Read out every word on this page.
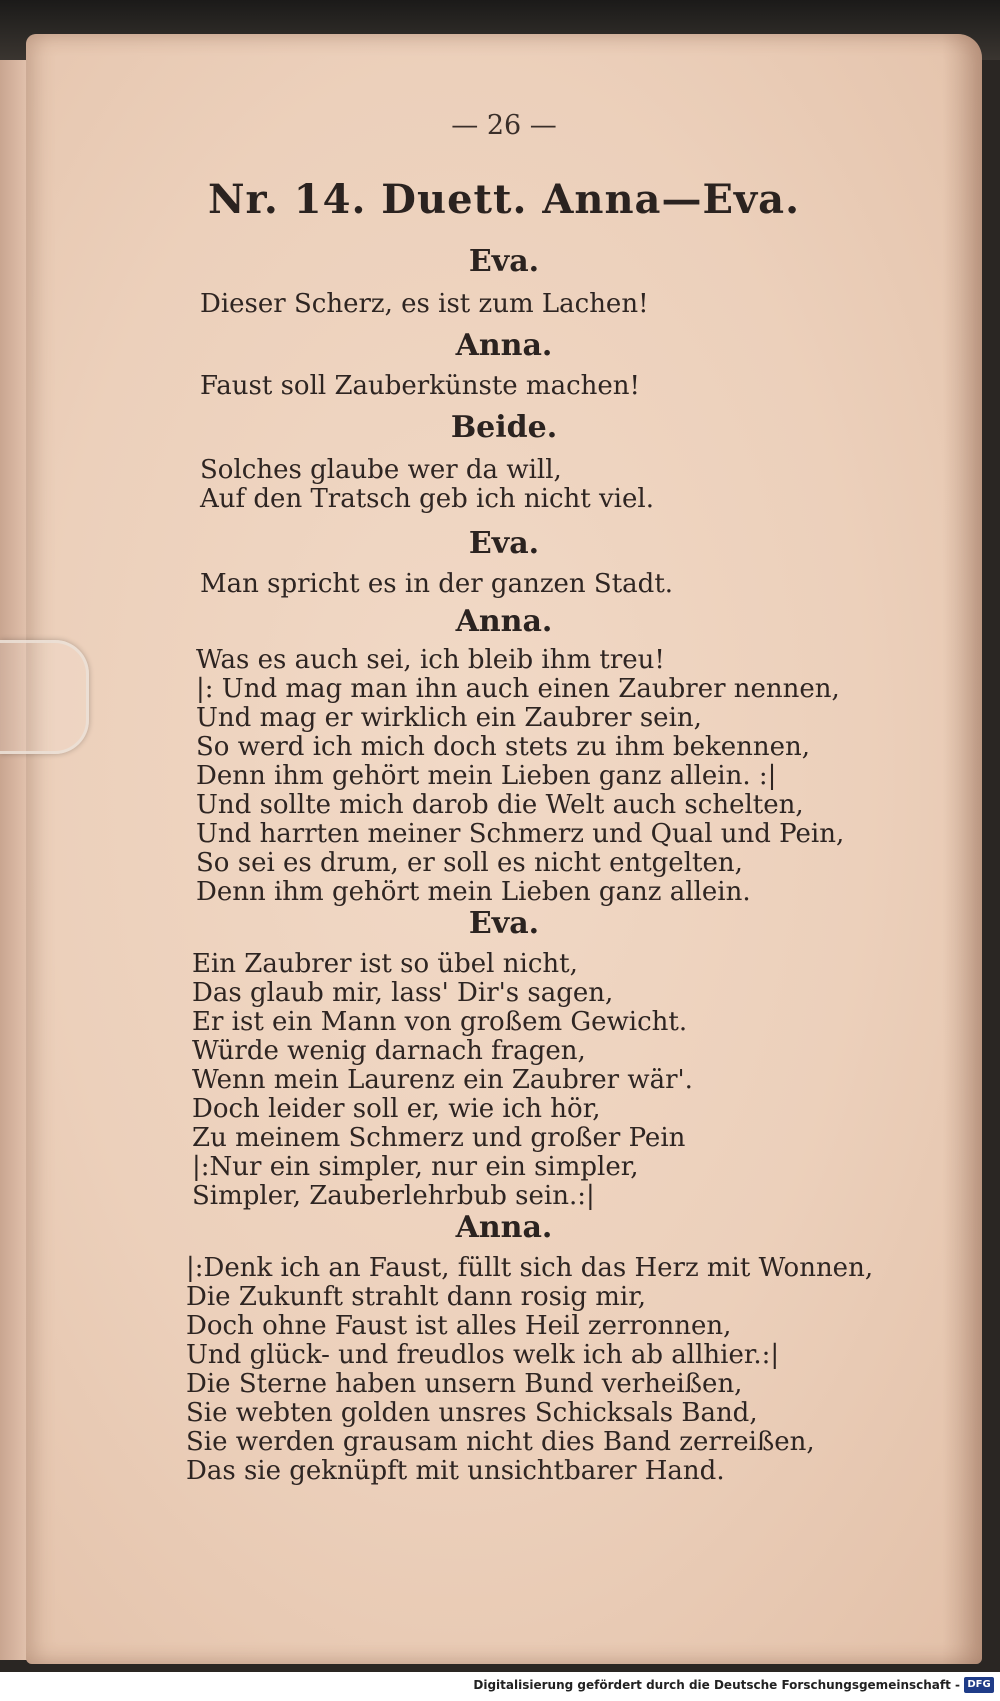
— 26 —
Nr. 14. Duett. Anna—Eva.
Eva.
Dieser Scherz, es ist zum Lachen!
Anna.
Faust soll Zauberkünste machen!
Beide.
Solches glaube wer da will,
Auf den Tratsch geb ich nicht viel.
Eva.
Man spricht es in der ganzen Stadt.
Anna.
Was es auch sei, ich bleib ihm treu!
|: Und mag man ihn auch einen Zaubrer nennen,
Und mag er wirklich ein Zaubrer sein,
So werd ich mich doch stets zu ihm bekennen,
Denn ihm gehört mein Lieben ganz allein. :|
Und sollte mich darob die Welt auch schelten,
Und harrten meiner Schmerz und Qual und Pein,
So sei es drum, er soll es nicht entgelten,
Denn ihm gehört mein Lieben ganz allein.
Eva.
Ein Zaubrer ist so übel nicht,
Das glaub mir, lass' Dir's sagen,
Er ist ein Mann von großem Gewicht.
Würde wenig darnach fragen,
Wenn mein Laurenz ein Zaubrer wär'.
Doch leider soll er, wie ich hör,
Zu meinem Schmerz und großer Pein
|:Nur ein simpler, nur ein simpler,
Simpler, Zauberlehrbub sein.:|
Anna.
|:Denk ich an Faust, füllt sich das Herz mit Wonnen,
Die Zukunft strahlt dann rosig mir,
Doch ohne Faust ist alles Heil zerronnen,
Und glück- und freudlos welk ich ab allhier.:|
Die Sterne haben unsern Bund verheißen,
Sie webten golden unsres Schicksals Band,
Sie werden grausam nicht dies Band zerreißen,
Das sie geknüpft mit unsichtbarer Hand.
Digitalisierung gefördert durch die Deutsche Forschungsgemeinschaft - DFG
